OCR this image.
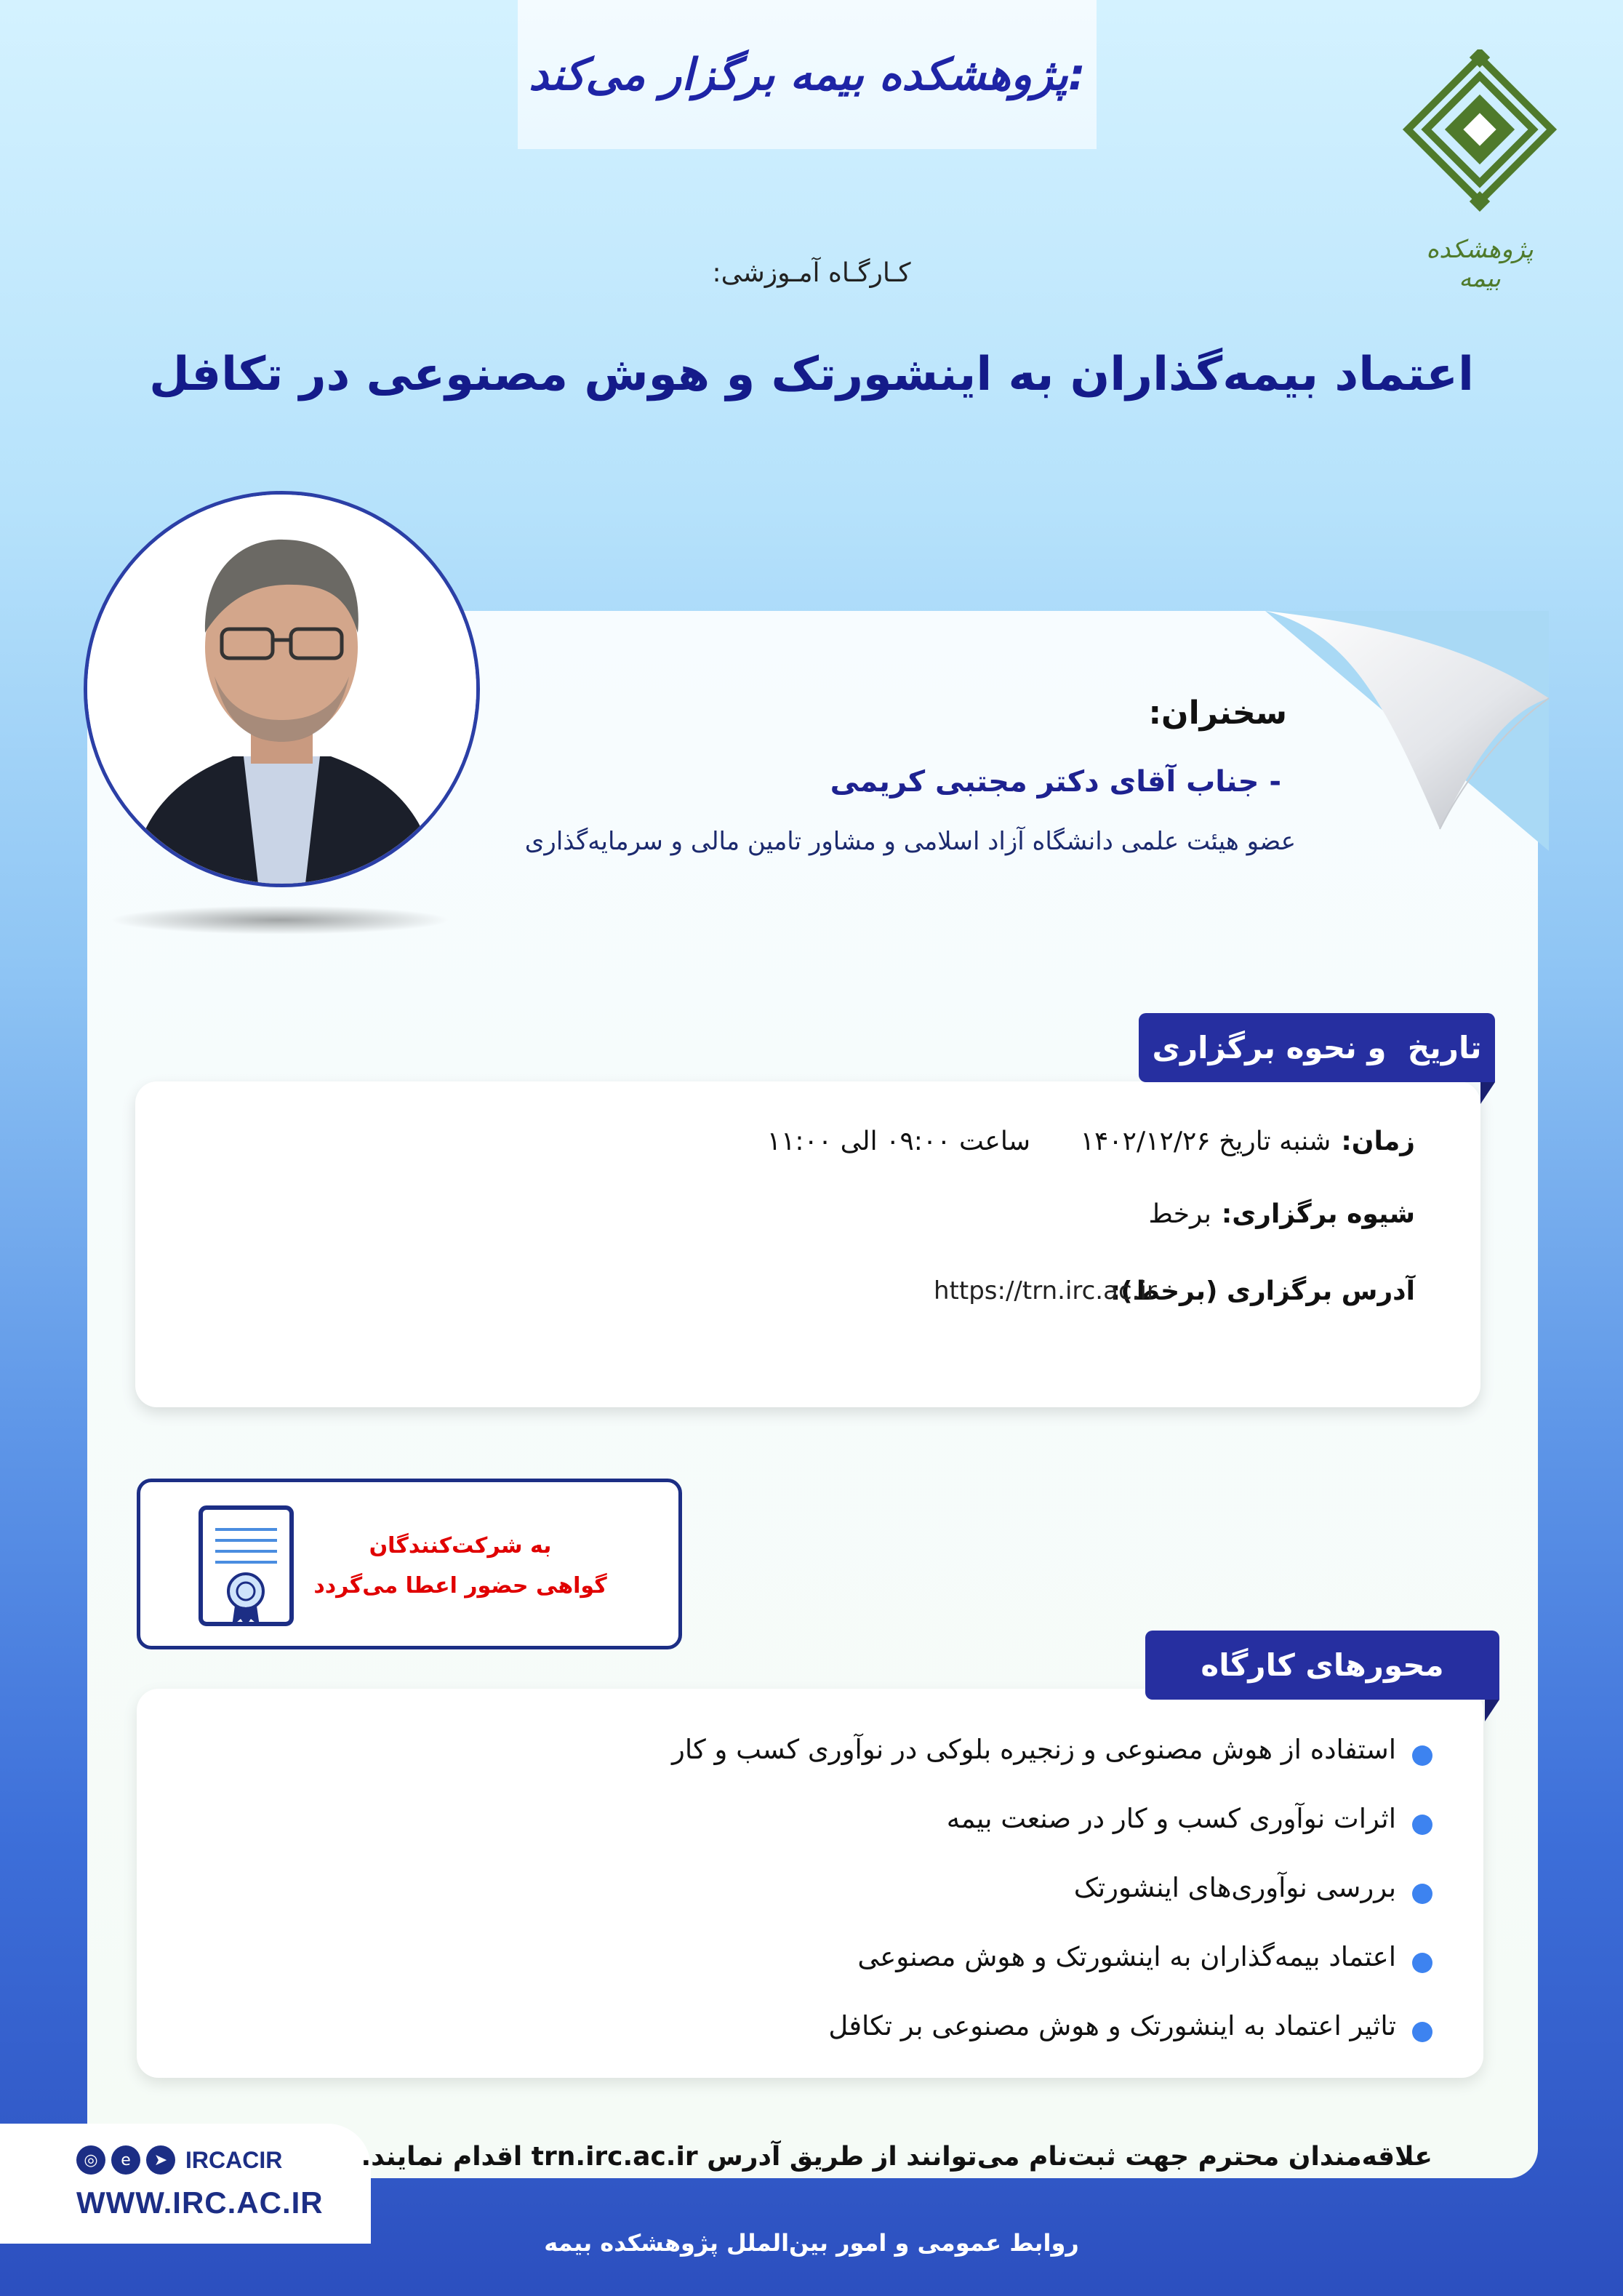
پژوهشکده بیمه برگزار می‌کند:
پژوهشکده بیمه
کـارگـاه آمـوزشی:
اعتماد بیمه‌گذاران به اینشورتک و هوش مصنوعی در تکافل
سخنران:
- جناب آقای دکتر مجتبی کریمی
عضو هیئت علمی دانشگاه آزاد اسلامی و مشاور تامین مالی و سرمایه‌گذاری
زمان:
شنبه تاریخ ۱۴۰۲/۱۲/۲۶      ساعت ۰۹:۰۰ الی ۱۱:۰۰
شیوه برگزاری:
برخط
آدرس برگزاری (برخط):
https://trn.irc.ac.ir
تاریخ  و نحوه برگزاری
به شرکت‌کنندگان
گواهی حضور اعطا می‌گردد
استفاده از هوش مصنوعی و زنجیره بلوکی در نوآوری کسب و کار
اثرات نوآوری کسب و کار در صنعت بیمه
بررسی نوآوری‌های اینشورتک
اعتماد بیمه‌گذاران به اینشورتک و هوش مصنوعی
تاثیر اعتماد به اینشورتک و هوش مصنوعی بر تکافل
محورهای کارگاه
◎	e	➤ IRCACIR
WWW.IRC.AC.IR
علاقه‌مندان محترم جهت ثبت‌نام می‌توانند از طریق آدرس trn.irc.ac.ir اقدام نمایند.
روابط عمومی و امور بین‌الملل پژوهشکده بیمه
